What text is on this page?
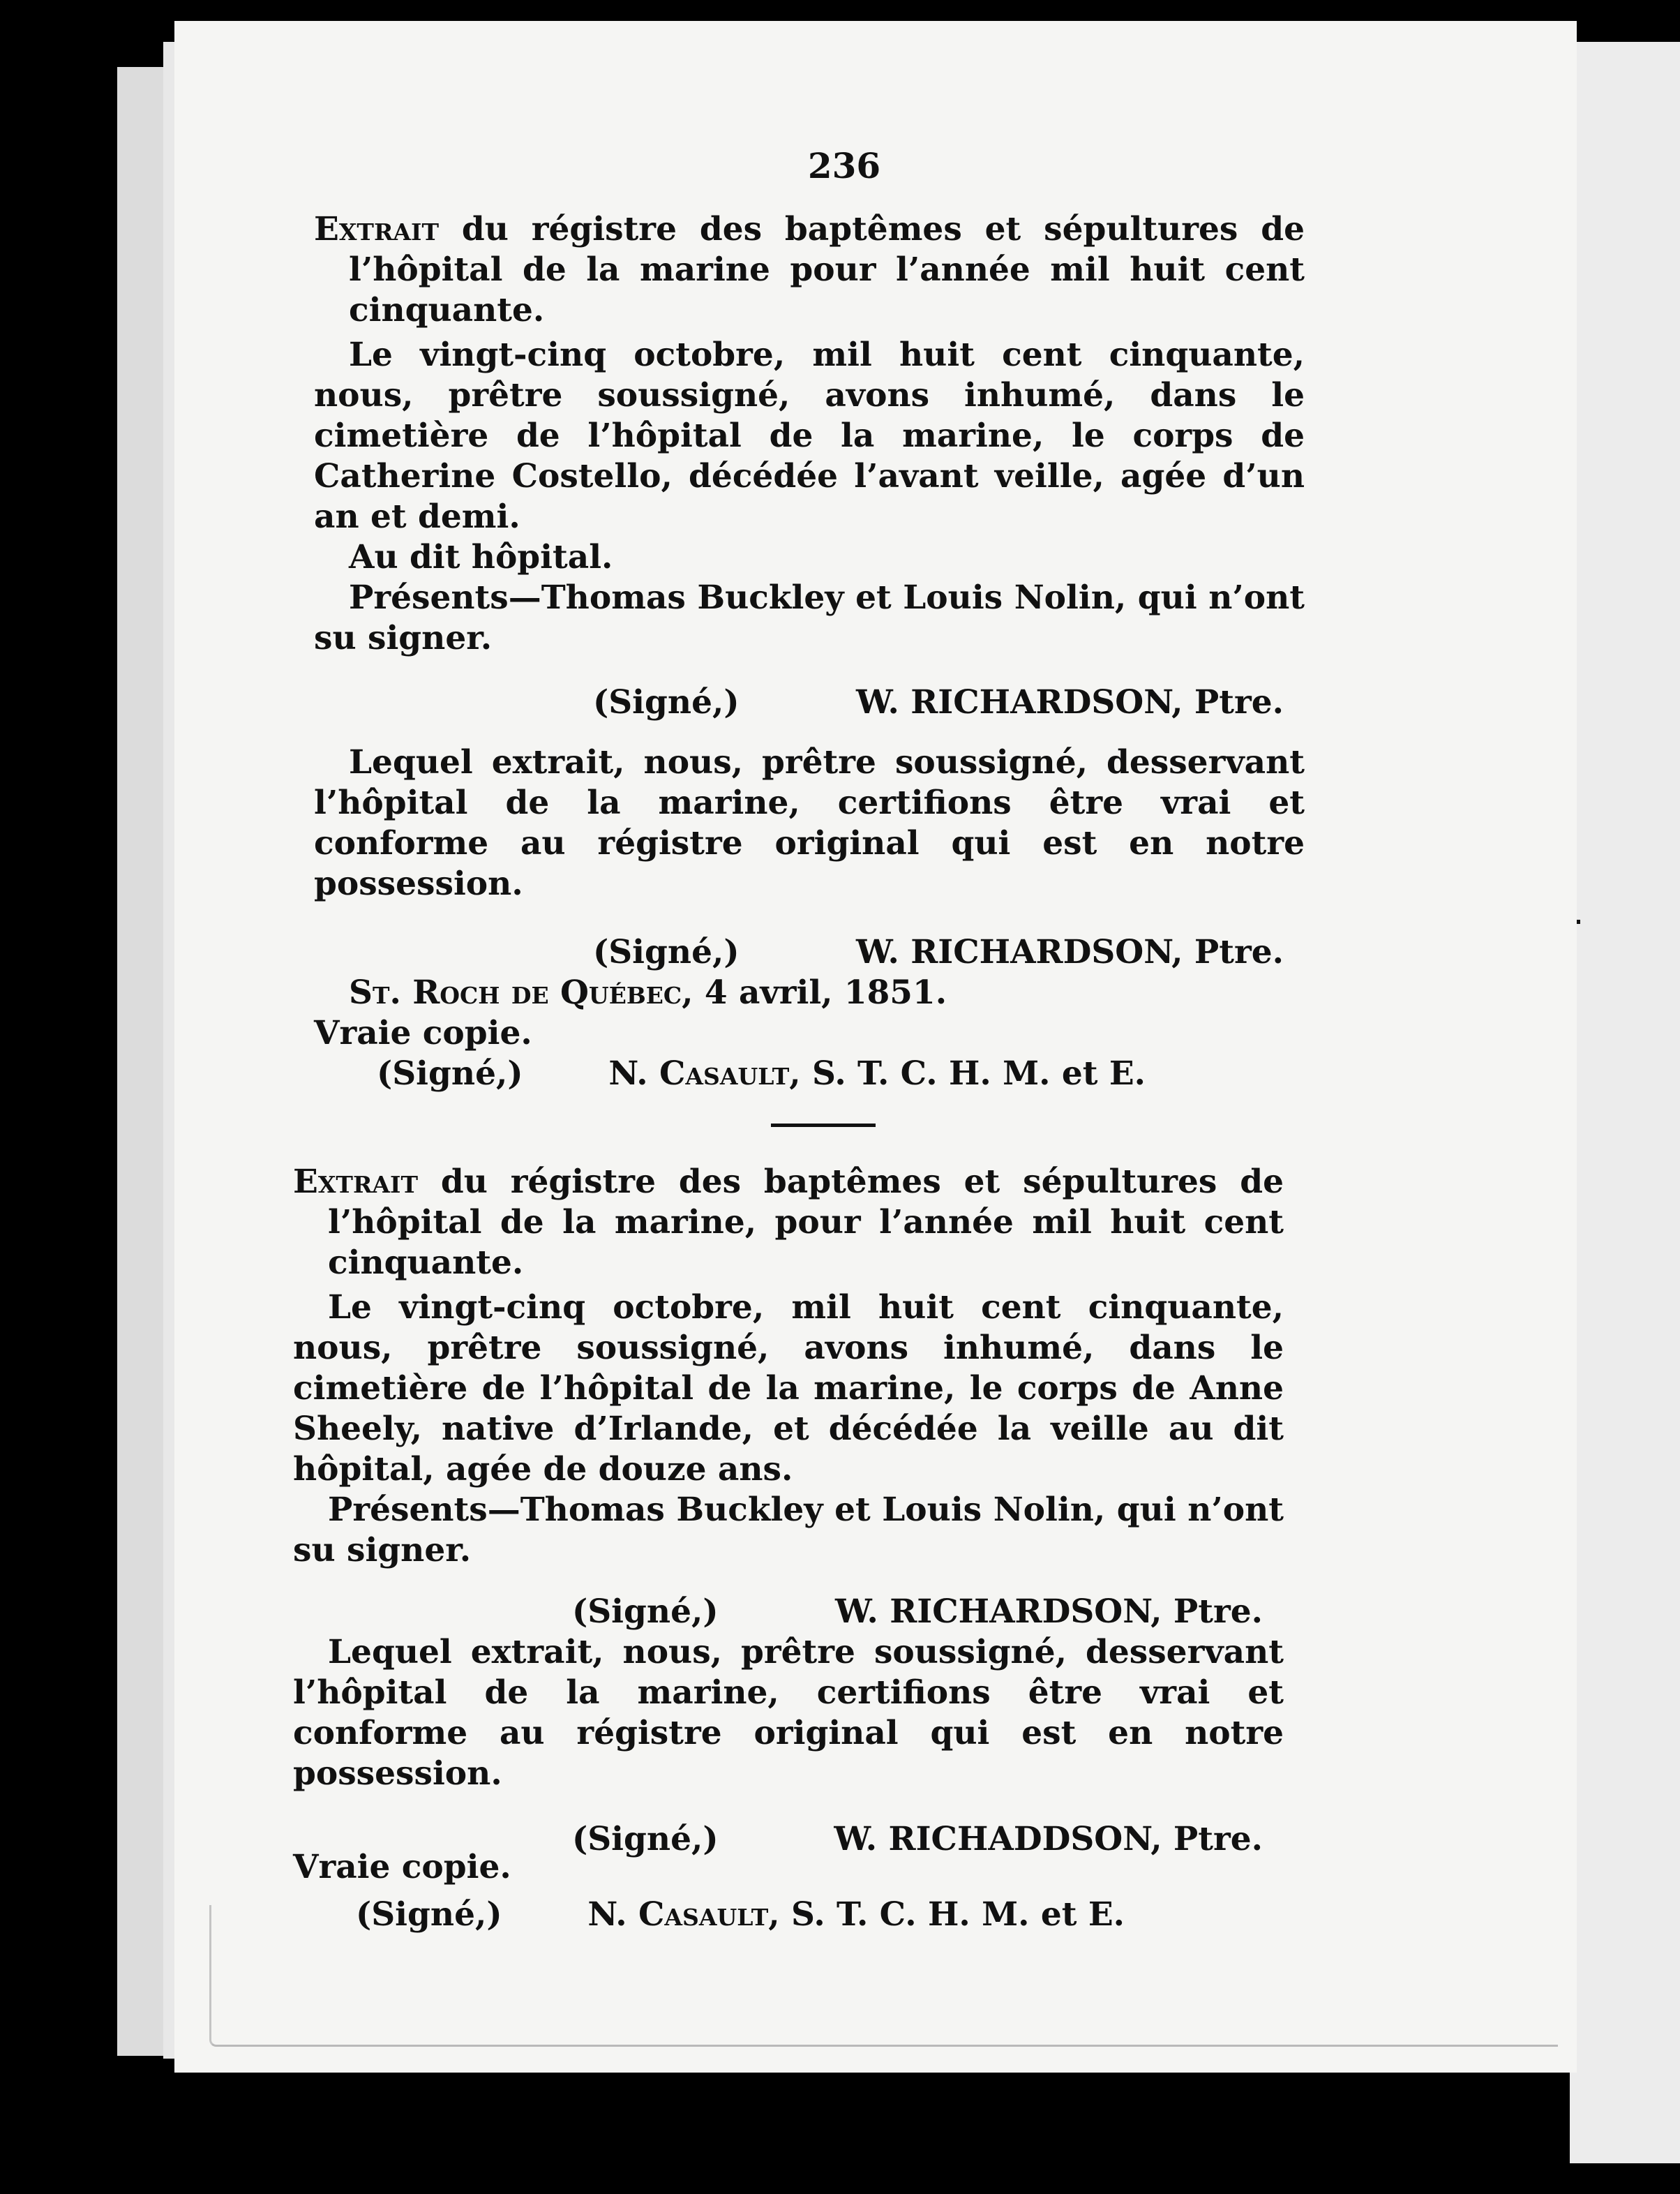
236
Extrait du régistre des baptêmes et sépultures de l’hôpital de la marine pour l’année mil huit cent cinquante.
Le vingt-cinq octobre, mil huit cent cinquante, nous, prêtre soussigné, avons inhumé, dans le cimetière de l’hôpital de la marine, le corps de Catherine Costello, décédée l’avant veille, agée d’un an et demi.
Au dit hôpital.
Présents—Thomas Buckley et Louis Nolin, qui n’ont su signer.
(Signé,)	W. RICHARDSON, Ptre.
Lequel extrait, nous, prêtre soussigné, desservant l’hôpital de la marine, certifions être vrai et conforme au régistre original qui est en notre possession.
(Signé,)	W. RICHARDSON, Ptre.
St. Roch de Québec, 4 avril, 1851.
Vraie copie.
(Signé,)	N. Casault, S. T. C. H. M. et E.
Extrait du régistre des baptêmes et sépultures de l’hôpital de la marine, pour l’année mil huit cent cinquante.
Le vingt-cinq octobre, mil huit cent cinquante, nous, prêtre soussigné, avons inhumé, dans le cimetière de l’hôpital de la marine, le corps de Anne Sheely, native d’Irlande, et décédée la veille au dit hôpital, agée de douze ans.
Présents—Thomas Buckley et Louis Nolin, qui n’ont su signer.
(Signé,)	W. RICHARDSON, Ptre.
Lequel extrait, nous, prêtre soussigné, desservant l’hôpital de la marine, certifions être vrai et conforme au régistre original qui est en notre possession.
(Signé,)	W. RICHADDSON, Ptre.
Vraie copie.
(Signé,)	N. Casault, S. T. C. H. M. et E.
